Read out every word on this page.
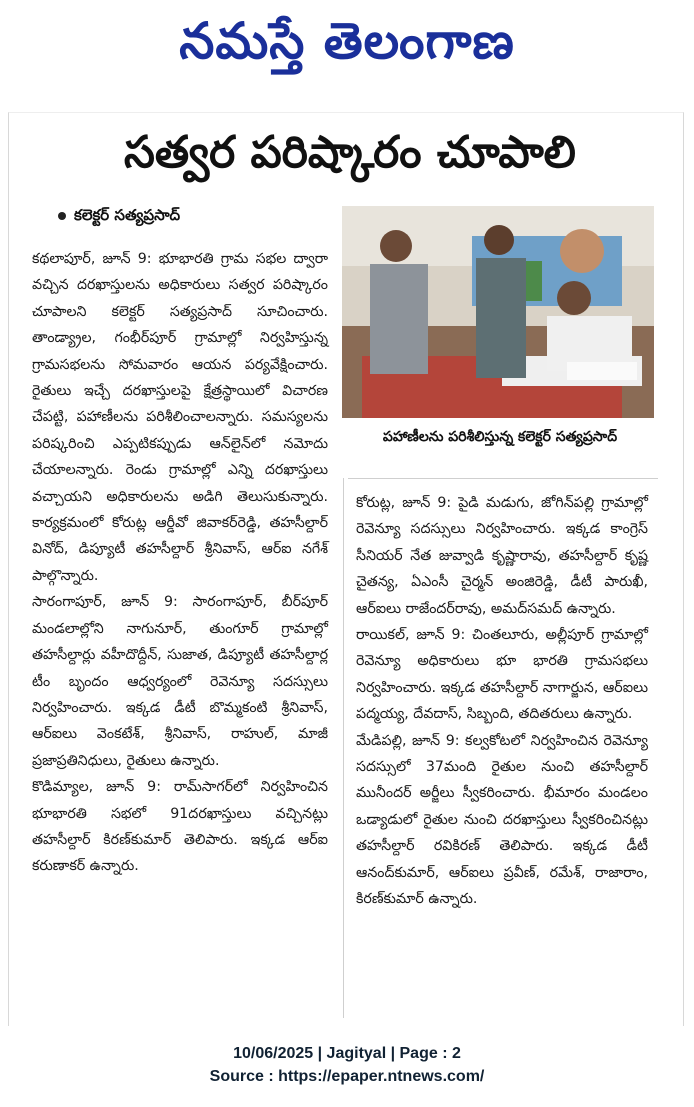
నమస్తే తెలంగాణ
సత్వర పరిష్కారం చూపాలి
కలెక్టర్ సత్యప్రసాద్

కథలాపూర్, జూన్ 9: భూభారతి గ్రామ సభల ద్వారా వచ్చిన దరఖాస్తులను అధికారులు సత్వర పరిష్కారం చూపాలని కలెక్టర్ సత్యప్రసాద్ సూచించారు. తాండ్య్రాల, గంభీర్‌పూర్ గ్రామాల్లో నిర్వహిస్తున్న గ్రామసభలను సోమవారం ఆయన పర్యవేక్షించారు. రైతులు ఇచ్చే దరఖాస్తులపై క్షేత్రస్థాయిలో విచారణ చేపట్టి, పహాణీలను పరిశీలించాలన్నారు. సమస్యలను పరిష్కరించి ఎప్పటికప్పుడు ఆన్‌లైన్‌లో నమోదు చేయాలన్నారు. రెండు గ్రామాల్లో ఎన్ని దరఖాస్తులు వచ్చాయని అధికారులను అడిగి తెలుసుకున్నారు. కార్యక్రమంలో కోరుట్ల ఆర్డీవో జివాకర్‌రెడ్డి, తహసీల్దార్ వినోద్, డిప్యూటీ తహసీల్దార్ శ్రీనివాస్, ఆర్‌ఐ నగేశ్ పాల్గొన్నారు.

సారంగాపూర్, జూన్ 9: సారంగాపూర్, బీర్‌పూర్ మండలాల్లోని నాగునూర్, తుంగూర్ గ్రామాల్లో తహసీల్దార్లు వహీదొద్దీన్, సుజాత, డిప్యూటీ తహసీల్దార్ల టీం బృందం ఆధ్వర్యంలో రెవెన్యూ సదస్సులు నిర్వహించారు. ఇక్కడ డీటీ బొమ్మకంటి శ్రీనివాస్, ఆర్‌ఐలు వెంకటేశ్, శ్రీనివాస్, రాహుల్, మాజీ ప్రజాప్రతినిధులు, రైతులు ఉన్నారు.

కొడిమ్యాల, జూన్ 9: రామ్‌సాగర్‌లో నిర్వహించిన భూభారతి సభలో 91దరఖాస్తులు వచ్చినట్లు తహసీల్దార్ కిరణ్‌కుమార్ తెలిపారు. ఇక్కడ ఆర్‌ఐ కరుణాకర్ ఉన్నారు.

పహాణీలను పరిశీలిస్తున్న కలెక్టర్ సత్యప్రసాద్

కోరుట్ల, జూన్ 9: పైడి మడుగు, జోగిన్‌పల్లి గ్రామాల్లో రెవెన్యూ సదస్సులు నిర్వహించారు. ఇక్కడ కాంగ్రెస్ సీనియర్ నేత జువ్వాడి కృష్ణారావు, తహసీల్దార్ కృష్ణ చైతన్య, ఏఎంసీ చైర్మన్ అంజిరెడ్డి, డీటీ పారుఖీ, ఆర్‌ఐలు రాజేందర్‌రావు, అమద్‌సమద్ ఉన్నారు.

రాయికల్, జూన్ 9: చింతలూరు, అల్లీపూర్ గ్రామాల్లో రెవెన్యూ అధికారులు భూ భారతి గ్రామసభలు నిర్వహించారు. ఇక్కడ తహసీల్దార్ నాగార్జున, ఆర్‌ఐలు పద్మయ్య, దేవదాస్, సిబ్బంది, తదితరులు ఉన్నారు.

మేడిపల్లి, జూన్ 9: కల్వకోటలో నిర్వహించిన రెవెన్యూ సదస్సులో 37మంది రైతుల నుంచి తహసీల్దార్ మునీందర్ అర్జీలు స్వీకరించారు. భీమారం మండలం ఒడ్యాడులో రైతుల నుంచి దరఖాస్తులు స్వీకరించినట్లు తహసీల్దార్ రవికిరణ్ తెలిపారు. ఇక్కడ డీటీ ఆనంద్‌కుమార్, ఆర్‌ఐలు ప్రవీణ్, రమేశ్, రాజారాం, కిరణ్‌కుమార్ ఉన్నారు.

10/06/2025 | Jagityal | Page : 2
Source : https://epaper.ntnews.com/
